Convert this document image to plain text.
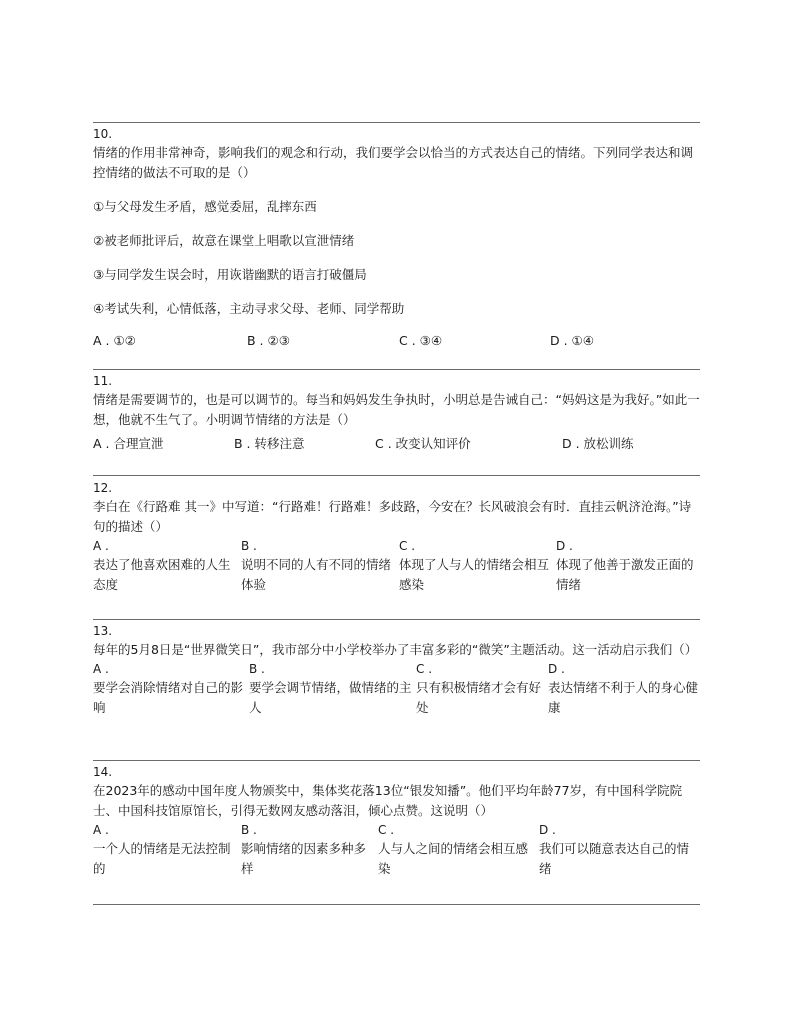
10.
情绪的作用非常神奇，影响我们的观念和行动，我们要学会以恰当的方式表达自己的情绪。下列同学表达和调控情绪的做法不可取的是（）
①与父母发生矛盾，感觉委屈，乱摔东西
②被老师批评后，故意在课堂上唱歌以宣泄情绪
③与同学发生误会时，用诙谐幽默的语言打破僵局
④考试失利，心情低落，主动寻求父母、老师、同学帮助
A . ①②	B . ②③	C . ③④	D . ①④
11.
情绪是需要调节的，也是可以调节的。每当和妈妈发生争执时，小明总是告诫自己：“妈妈这是为我好。”如此一想，他就不生气了。小明调节情绪的方法是（）
A . 合理宣泄	B . 转移注意	C . 改变认知评价	D . 放松训练
12.
李白在《行路难 其一》中写道：“行路难！行路难！多歧路，今安在？长风破浪会有时．直挂云帆济沧海。”诗句的描述（）
A .
表达了他喜欢困难的人生态度
B .
说明不同的人有不同的情绪体验
C .
体现了人与人的情绪会相互感染
D .
体现了他善于激发正面的情绪
13.
每年的5月8日是“世界微笑日”，我市部分中小学校举办了丰富多彩的“微笑”主题活动。这一活动启示我们（）
A .
要学会消除情绪对自己的影响
B .
要学会调节情绪，做情绪的主人
C .
只有积极情绪才会有好处
D .
表达情绪不利于人的身心健康
14.
在2023年的感动中国年度人物颁奖中，集体奖花落13位“银发知播”。他们平均年龄77岁，有中国科学院院士、中国科技馆原馆长，引得无数网友感动落泪，倾心点赞。这说明（）
A .
一个人的情绪是无法控制的
B .
影响情绪的因素多种多样
C .
人与人之间的情绪会相互感染
D .
我们可以随意表达自己的情绪
